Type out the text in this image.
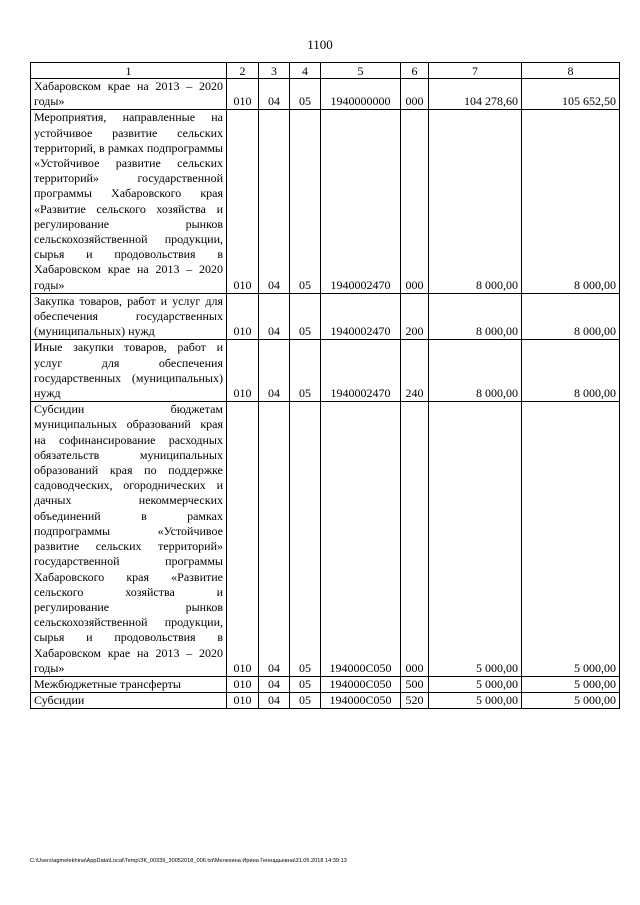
1100
1	2	3	4	5	6	7	8
Хабаровском крае на 2013 – 2020 годы»	010	04	05	1940000000	000	104 278,60	105 652,50
Мероприятия, направленные на устойчивое развитие сельских территорий, в рамках подпрограммы «Устойчивое развитие сельских территорий» государственной программы Хабаровского края «Развитие сельского хозяйства и регулирование рынков сельскохозяйственной продукции, сырья и продовольствия в Хабаровском крае на 2013 – 2020 годы»	010	04	05	1940002470	000	8 000,00	8 000,00
Закупка товаров, работ и услуг для обеспечения государственных (муниципальных) нужд	010	04	05	1940002470	200	8 000,00	8 000,00
Иные закупки товаров, работ и услуг для обеспечения государственных (муниципальных) нужд	010	04	05	1940002470	240	8 000,00	8 000,00
Субсидии бюджетам муниципальных образований края на софинансирование расходных обязательств муниципальных образований края по поддержке садоводческих, огороднических и дачных некоммерческих объединений в рамках подпрограммы «Устойчивое развитие сельских территорий» государственной программы Хабаровского края «Развитие сельского хозяйства и регулирование рынков сельскохозяйственной продукции, сырья и продовольствия в Хабаровском крае на 2013 – 2020 годы»	010	04	05	194000С050	000	5 000,00	5 000,00
Межбюджетные трансферты	010	04	05	194000С050	500	5 000,00	5 000,00
Субсидии	010	04	05	194000С050	520	5 000,00	5 000,00
C:\Users\agmelekhina\AppData\Local\Temp\ЗК_00339_30052018_006.txt\Мелехина Ирина Геннадьевна\31.05.2018 14:39:13
